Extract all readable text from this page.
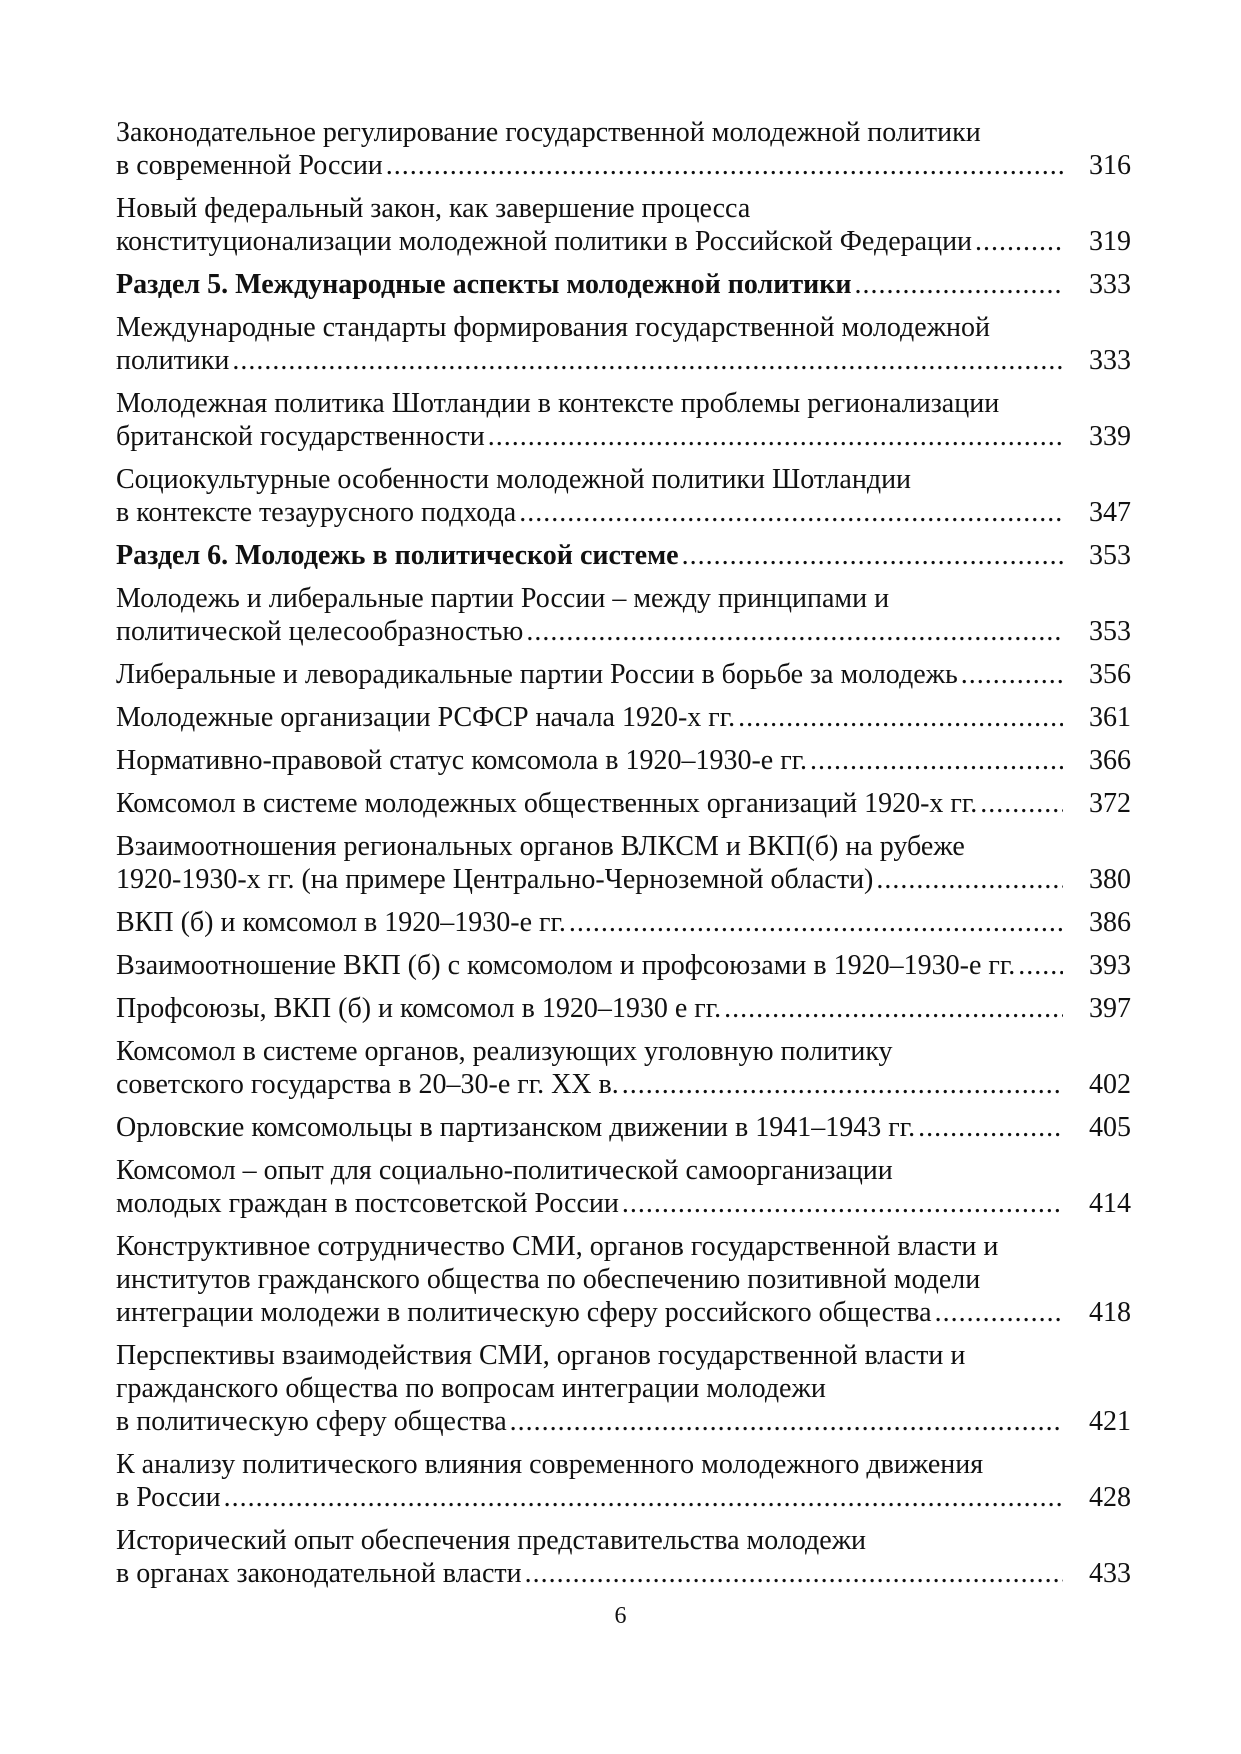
Законодательное регулирование государственной молодежной политики
в современной России .....	316
Новый федеральный закон, как завершение процесса
конституционализации молодежной политики в Российской Федерации .....	319
Раздел 5. Международные аспекты молодежной политики .....	333
Международные стандарты формирования государственной молодежной
политики .....	333
Молодежная политика Шотландии в контексте проблемы регионализации
британской государственности .....	339
Социокультурные особенности молодежной политики Шотландии
в контексте тезаурусного подхода .....	347
Раздел 6. Молодежь в политической системе .....	353
Молодежь и либеральные партии России – между принципами и
политической целесообразностью .....	353
Либеральные и леворадикальные партии России в борьбе за молодежь .....	356
Молодежные организации РСФСР начала 1920-х гг. .....	361
Нормативно-правовой статус комсомола в 1920–1930-е гг. .....	366
Комсомол в системе молодежных общественных организаций 1920-х гг. .....	372
Взаимоотношения региональных органов ВЛКСМ и ВКП(б) на рубеже
1920-1930-х гг. (на примере Центрально-Черноземной области) .....	380
ВКП (б) и комсомол в 1920–1930-е гг. .....	386
Взаимоотношение ВКП (б) с комсомолом и профсоюзами в 1920–1930-е гг. .....	393
Профсоюзы, ВКП (б) и комсомол в 1920–1930 е гг. .....	397
Комсомол в системе органов, реализующих уголовную политику
советского государства в 20–30-е гг. XX в. .....	402
Орловские комсомольцы в партизанском движении в 1941–1943 гг. .....	405
Комсомол – опыт для социально-политической самоорганизации
молодых граждан в постсоветской России .....	414
Конструктивное сотрудничество СМИ, органов государственной власти и
институтов гражданского общества по обеспечению позитивной модели
интеграции молодежи в политическую сферу российского общества .....	418
Перспективы взаимодействия СМИ, органов государственной власти и
гражданского общества по вопросам интеграции молодежи
в политическую сферу общества .....	421
К анализу политического влияния современного молодежного движения
в России .....	428
Исторический опыт обеспечения представительства молодежи
в органах законодательной власти .....	433
6
